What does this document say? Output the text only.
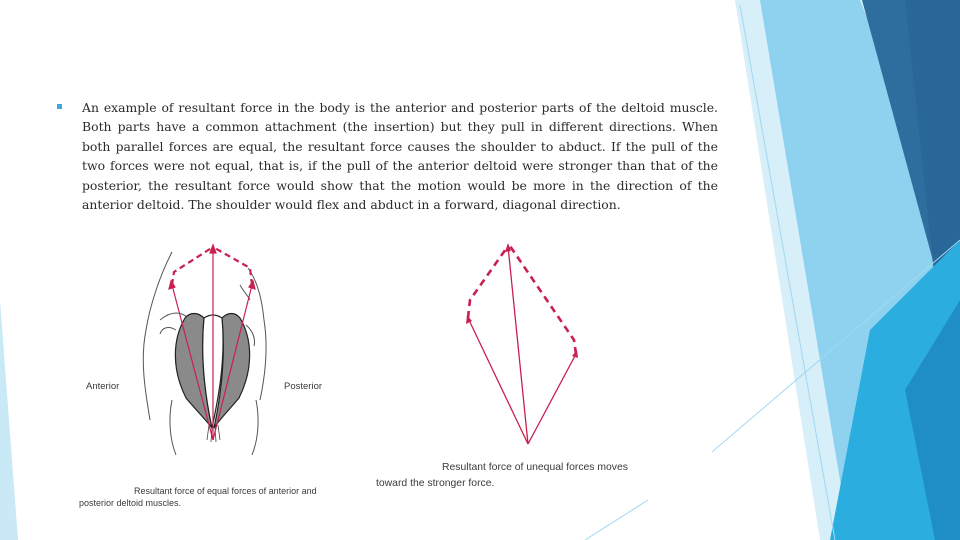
An example of resultant force in the body is the anterior and posterior parts of the deltoid muscle. Both parts have a common attachment (the insertion) but they pull in different directions. When both parallel forces are equal, the resultant force causes the shoulder to abduct. If the pull of the two forces were not equal, that is, if the pull of the anterior deltoid were stronger than that of the posterior, the resultant force would show that the motion would be more in the direction of the anterior deltoid. The shoulder would flex and abduct in a forward, diagonal direction.

Anterior	Posterior
Resultant force of equal forces of anterior and
posterior deltoid muscles.
Resultant force of unequal forces moves
toward the stronger force.
